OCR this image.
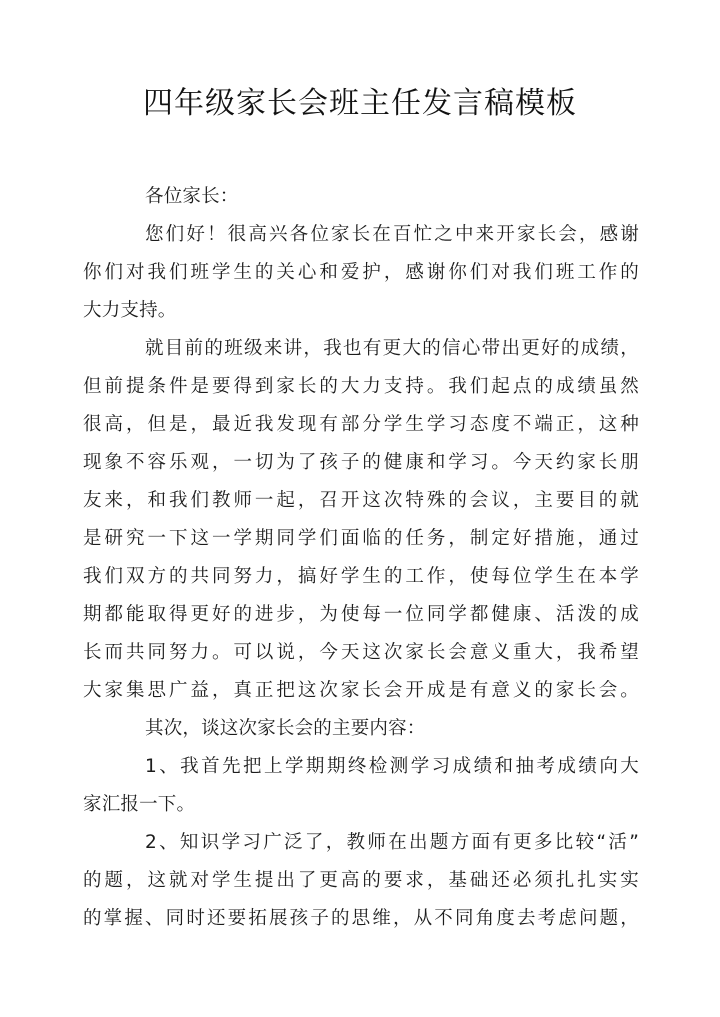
四年级家长会班主任发言稿模板
各位家长：
您们好！很高兴各位家长在百忙之中来开家长会，感谢
你们对我们班学生的关心和爱护，感谢你们对我们班工作的
大力支持。
就目前的班级来讲，我也有更大的信心带出更好的成绩，
但前提条件是要得到家长的大力支持。我们起点的成绩虽然
很高，但是，最近我发现有部分学生学习态度不端正，这种
现象不容乐观，一切为了孩子的健康和学习。今天约家长朋
友来，和我们教师一起，召开这次特殊的会议，主要目的就
是研究一下这一学期同学们面临的任务，制定好措施，通过
我们双方的共同努力，搞好学生的工作，使每位学生在本学
期都能取得更好的进步，为使每一位同学都健康、活泼的成
长而共同努力。可以说，今天这次家长会意义重大，我希望
大家集思广益，真正把这次家长会开成是有意义的家长会。
其次，谈这次家长会的主要内容：
1、我首先把上学期期终检测学习成绩和抽考成绩向大
家汇报一下。
2、知识学习广泛了，教师在出题方面有更多比较“活”
的题，这就对学生提出了更高的要求，基础还必须扎扎实实
的掌握、同时还要拓展孩子的思维，从不同角度去考虑问题，
